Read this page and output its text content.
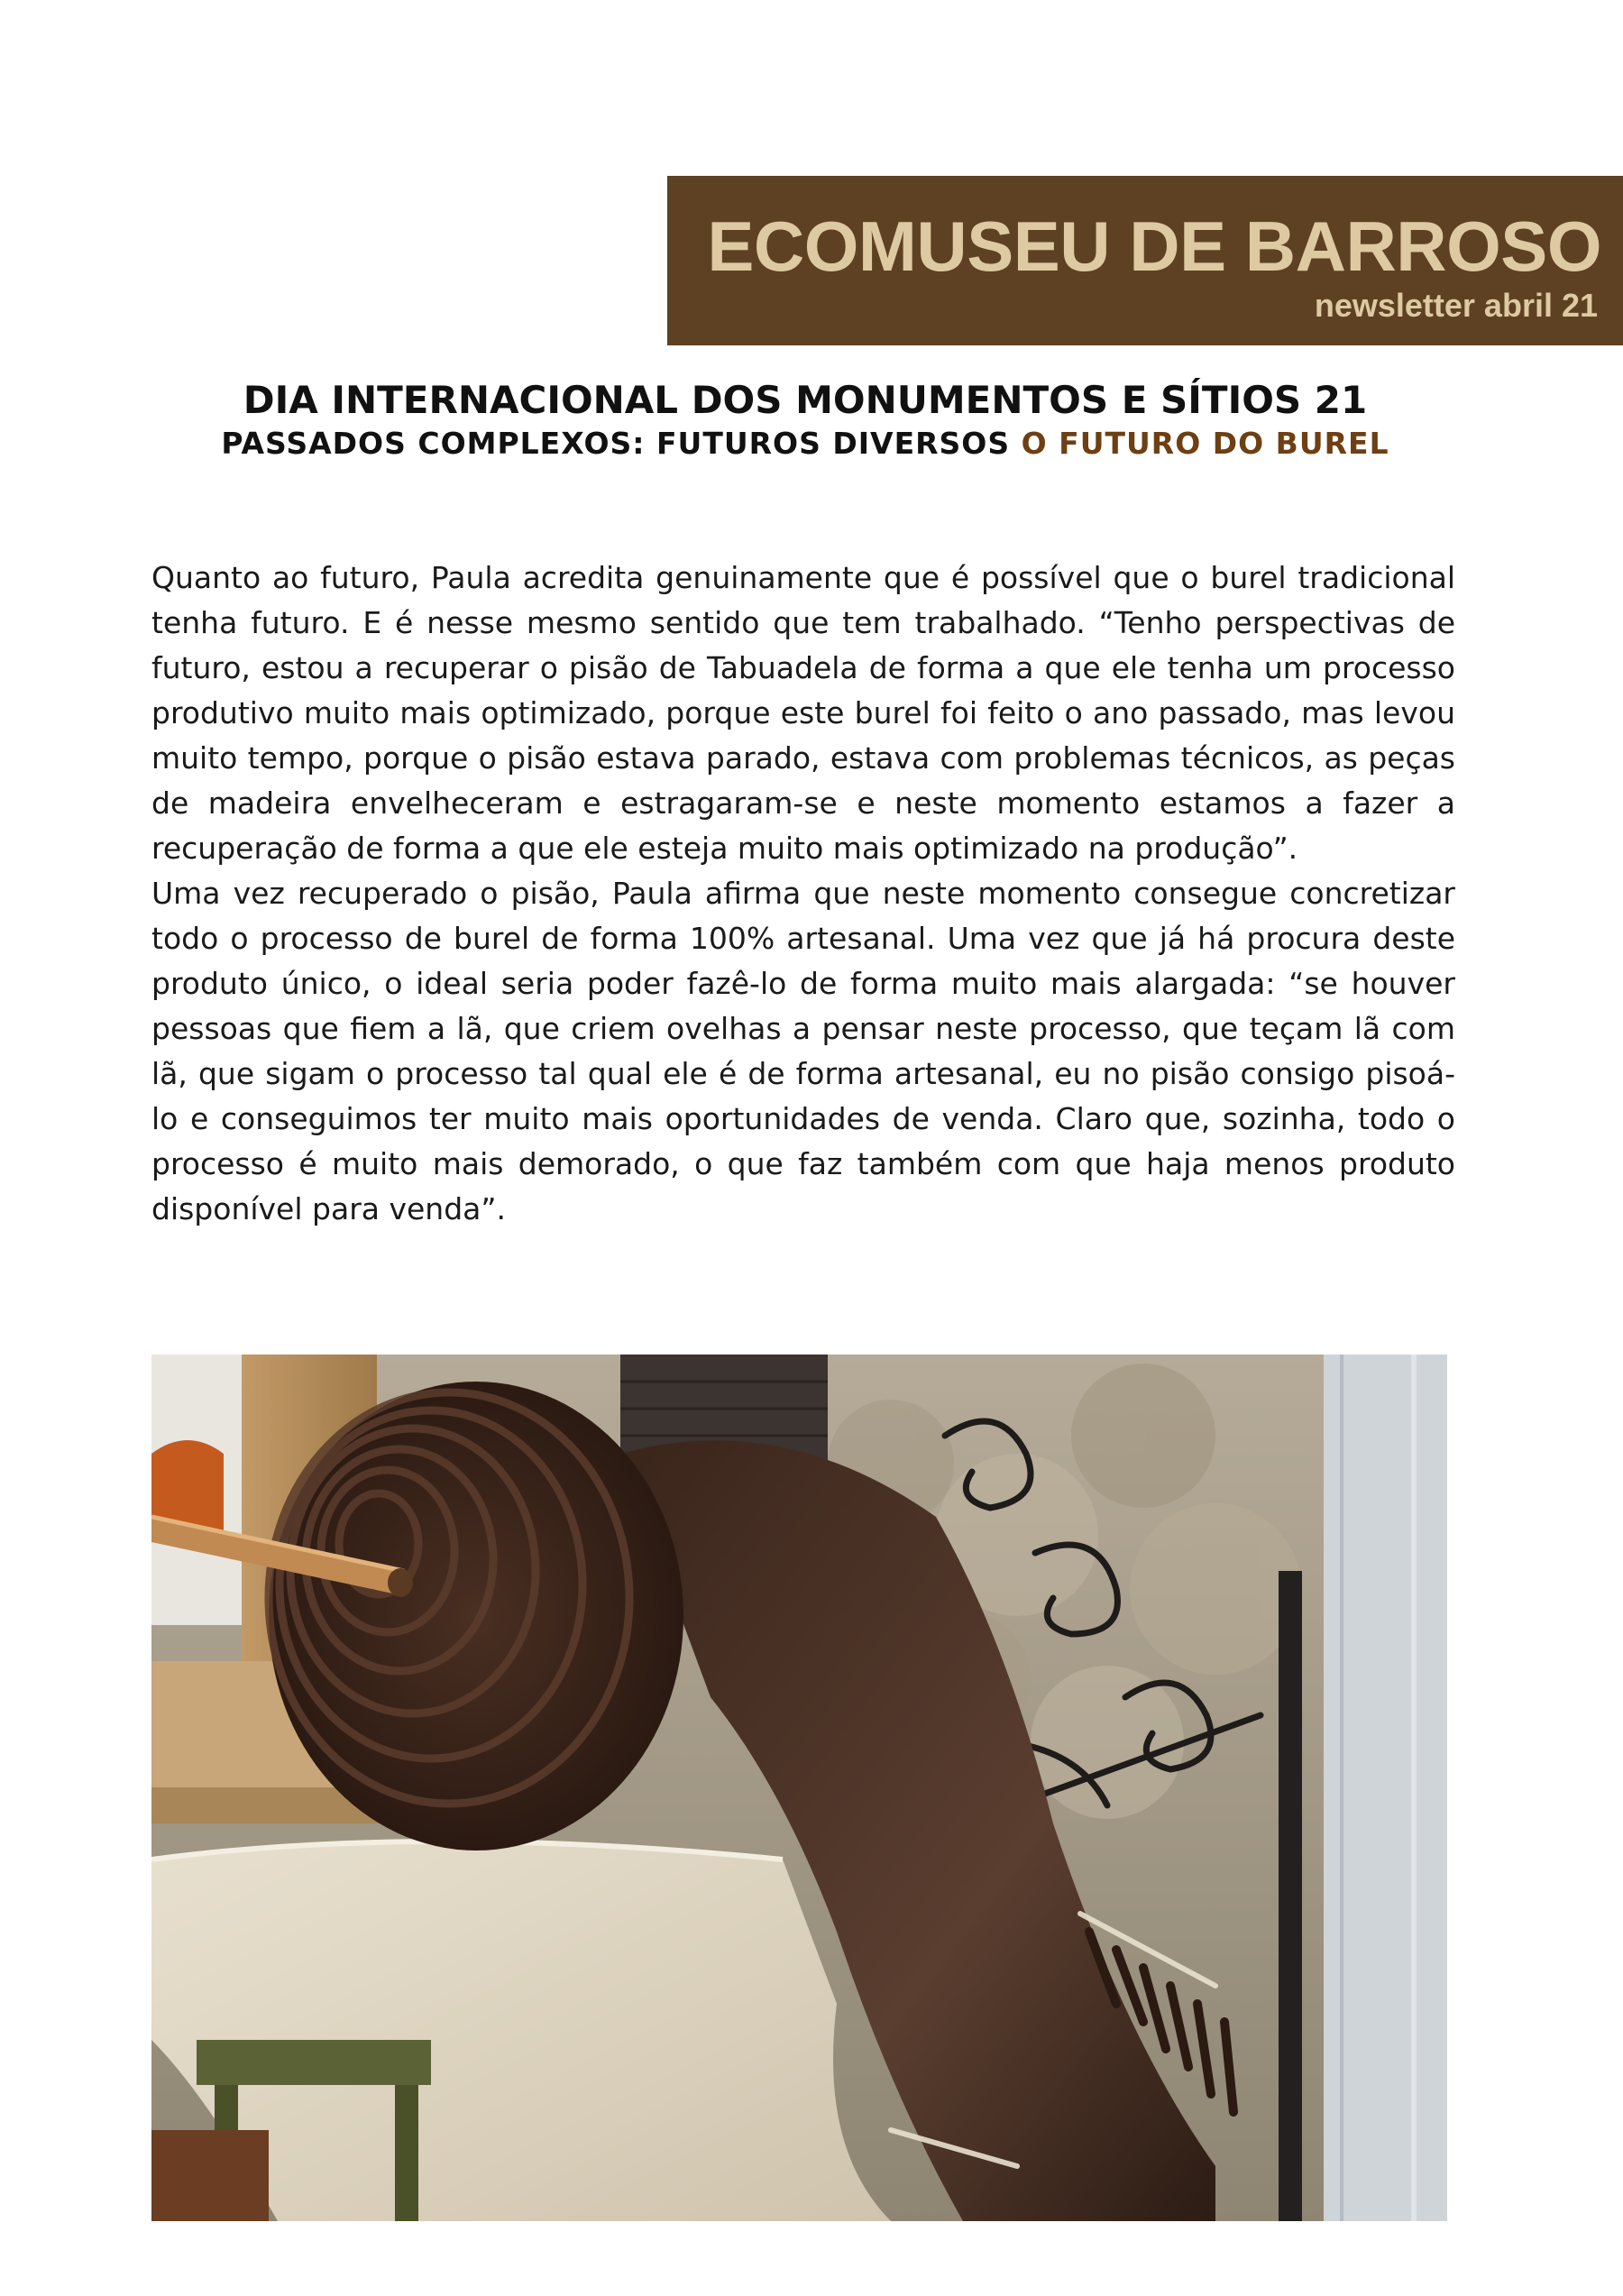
ECOMUSEU DE BARROSO
newsletter abril 21
DIA INTERNACIONAL DOS MONUMENTOS E SÍTIOS 21
PASSADOS COMPLEXOS: FUTUROS DIVERSOS O FUTURO DO BUREL

Quanto ao futuro, Paula acredita genuinamente que é possível que o burel tradicional tenha futuro. E é nesse mesmo sentido que tem trabalhado. “Tenho perspectivas de futuro, estou a recuperar o pisão de Tabuadela de forma a que ele tenha um processo produtivo muito mais optimizado, porque este burel foi feito o ano passado, mas levou muito tempo, porque o pisão estava parado, estava com problemas técnicos, as peças de madeira envelheceram e estragaram-se e neste momento estamos a fazer a recuperação de forma a que ele esteja muito mais optimizado na produção”.

Uma vez recuperado o pisão, Paula afirma que neste momento consegue concretizar todo o processo de burel de forma 100% artesanal. Uma vez que já há procura deste produto único, o ideal seria poder fazê-lo de forma muito mais alargada: “se houver pessoas que fiem a lã, que criem ovelhas a pensar neste processo, que teçam lã com lã, que sigam o processo tal qual ele é de forma artesanal, eu no pisão consigo pisoá-lo e conseguimos ter muito mais oportunidades de venda. Claro que, sozinha, todo o processo é muito mais demorado, o que faz também com que haja menos produto disponível para venda”.
